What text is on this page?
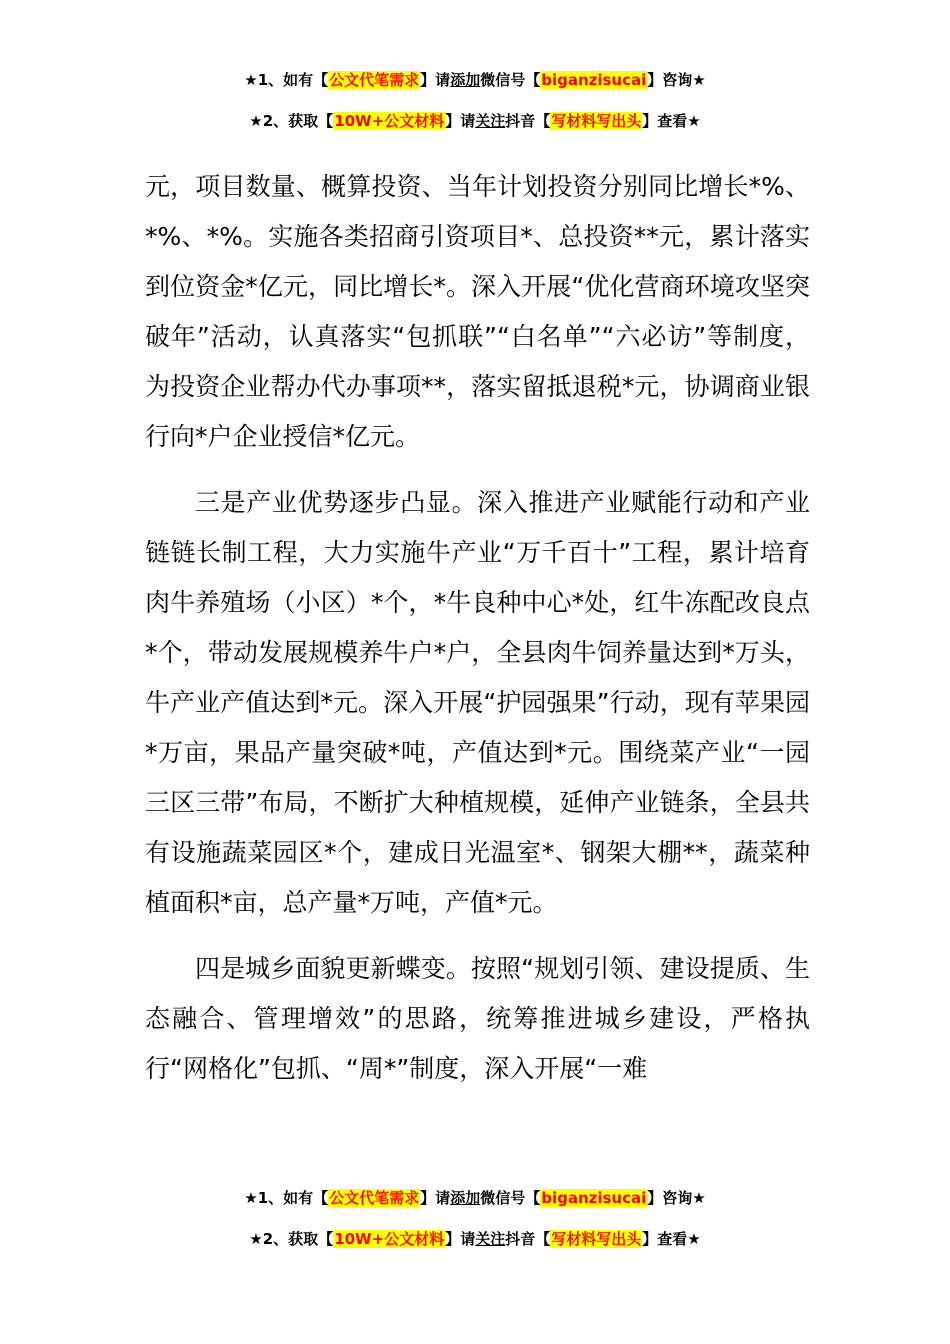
★1、如有【公文代笔需求】请添加微信号【biganzisucai】咨询★
★2、获取【10W+公文材料】请关注抖音【写材料写出头】查看★

元，项目数量、概算投资、当年计划投资分别同比增长*%、*%、*%。实施各类招商引资项目*、总投资**元，累计落实到位资金*亿元，同比增长*。深入开展“优化营商环境攻坚突破年”活动，认真落实“包抓联”“白名单”“六必访”等制度，为投资企业帮办代办事项**，落实留抵退税*元，协调商业银行向*户企业授信*亿元。

三是产业优势逐步凸显。深入推进产业赋能行动和产业链链长制工程，大力实施牛产业“万千百十”工程，累计培育肉牛养殖场（小区）*个，*牛良种中心*处，红牛冻配改良点*个，带动发展规模养牛户*户，全县肉牛饲养量达到*万头，牛产业产值达到*元。深入开展“护园强果”行动，现有苹果园*万亩，果品产量突破*吨，产值达到*元。围绕菜产业“一园三区三带”布局，不断扩大种植规模，延伸产业链条，全县共有设施蔬菜园区*个，建成日光温室*、钢架大棚**，蔬菜种植面积*亩，总产量*万吨，产值*元。

四是城乡面貌更新蝶变。按照“规划引领、建设提质、生态融合、管理增效”的思路，统筹推进城乡建设，严格执行“网格化”包抓、“周*”制度，深入开展“一难

★1、如有【公文代笔需求】请添加微信号【biganzisucai】咨询★
★2、获取【10W+公文材料】请关注抖音【写材料写出头】查看★
